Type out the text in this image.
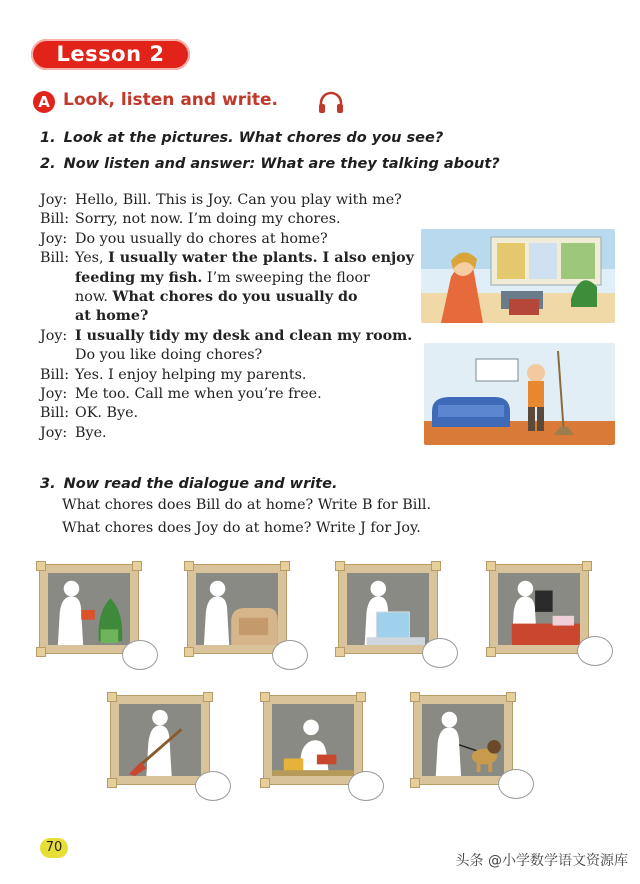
Lesson 2
A Look, listen and write.
1. Look at the pictures. What chores do you see?
2. Now listen and answer: What are they talking about?
Joy: Hello, Bill. This is Joy. Can you play with me?
Bill: Sorry, not now. I’m doing my chores.
Joy: Do you usually do chores at home?
Bill: Yes, I usually water the plants. I also enjoy
feeding my fish. I’m sweeping the floor
now. What chores do you usually do
at home?
Joy: I usually tidy my desk and clean my room.
Do you like doing chores?
Bill: Yes. I enjoy helping my parents.
Joy: Me too. Call me when you’re free.
Bill: OK. Bye.
Joy: Bye.
3. Now read the dialogue and write.
What chores does Bill do at home? Write B for Bill.
What chores does Joy do at home? Write J for Joy.
70
头条 @小学数学语文资源库
